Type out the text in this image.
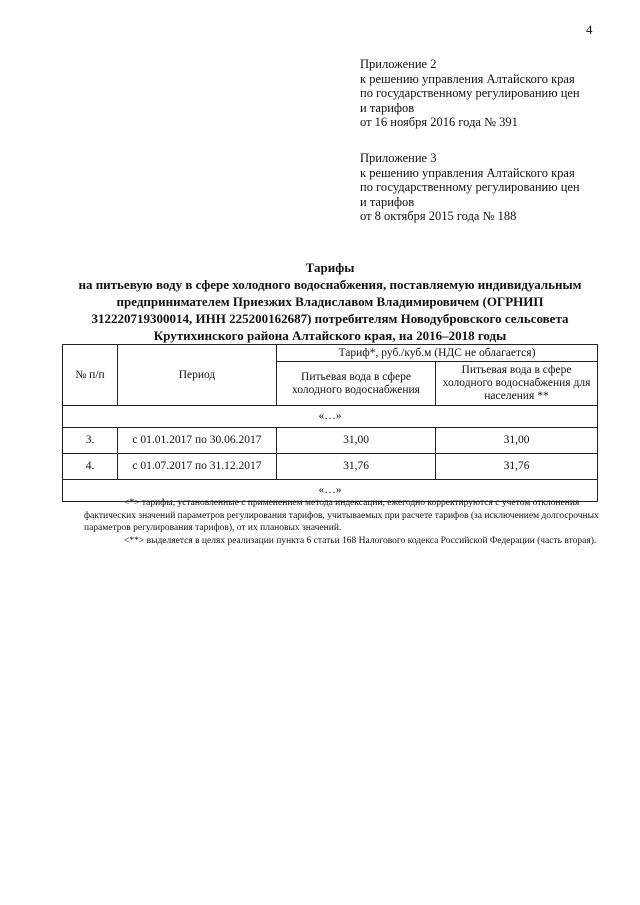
4
Приложение 2
к решению управления Алтайского края
по государственному регулированию цен
и тарифов
от 16 ноября 2016 года № 391
Приложение 3
к решению управления Алтайского края
по государственному регулированию цен
и тарифов
от 8 октября 2015 года № 188
Тарифы
на питьевую воду в сфере холодного водоснабжения, поставляемую индивидуальным
предпринимателем Приезжих Владиславом Владимировичем (ОГРНИП
312220719300014, ИНН 225200162687) потребителям Новодубровского сельсовета
Крутихинского района Алтайского края, на 2016–2018 годы
№ п/п	Период	Тариф*, руб./куб.м (НДС не облагается)	
		Питьевая вода в сфере холодного водоснабжения	Питьевая вода в сфере холодного водоснабжения для населения **
«…»			
3.	с 01.01.2017 по 30.06.2017	31,00	31,00
4.	с 01.07.2017 по 31.12.2017	31,76	31,76
«…»			

<*> тарифы, установленные с применением метода индексации, ежегодно корректируются с учетом отклонения фактических значений параметров регулирования тарифов, учитываемых при расчете тарифов (за исключением долгосрочных параметров регулирования тарифов), от их плановых значений.

<**> выделяется в целях реализации пункта 6 статьи 168 Налогового кодекса Российской Федерации (часть вторая).
